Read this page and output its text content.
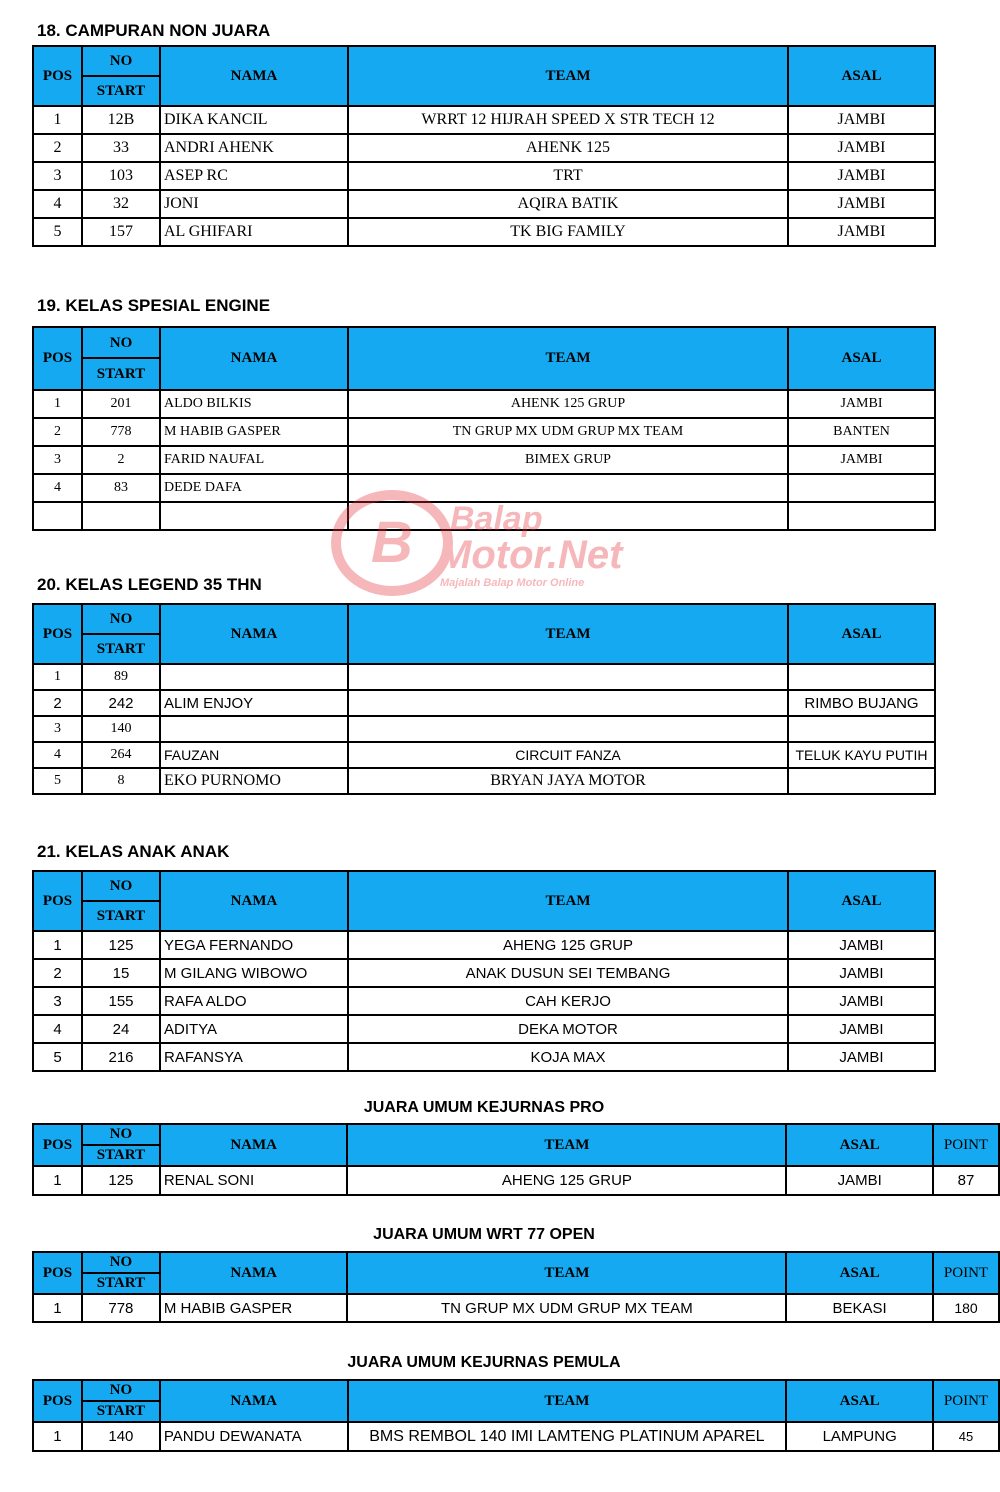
18. CAMPURAN NON JUARA
POS	NO	NAMA	TEAM	ASAL
	START			
1	12B	DIKA KANCIL	WRRT 12 HIJRAH SPEED X STR TECH 12	JAMBI
2	33	ANDRI AHENK	AHENK 125	JAMBI
3	103	ASEP RC	TRT	JAMBI
4	32	JONI	AQIRA BATIK	JAMBI
5	157	AL GHIFARI	TK BIG FAMILY	JAMBI
19. KELAS SPESIAL ENGINE
POS	NO	NAMA	TEAM	ASAL
	START			
1	201	ALDO BILKIS	AHENK 125 GRUP	JAMBI
2	778	M HABIB GASPER	TN GRUP MX UDM GRUP MX TEAM	BANTEN
3	2	FARID NAUFAL	BIMEX GRUP	JAMBI
4	83	DEDE DAFA		

B Balap
Motor.Net
Majalah Balap Motor Online
20. KELAS LEGEND 35 THN
POS	NO	NAMA	TEAM	ASAL
	START			
1	89			
2	242	ALIM ENJOY		RIMBO BUJANG
3	140			
4	264	FAUZAN	CIRCUIT FANZA	TELUK KAYU PUTIH
5	8	EKO PURNOMO	BRYAN JAYA MOTOR	
21. KELAS ANAK ANAK
POS	NO	NAMA	TEAM	ASAL
	START			
1	125	YEGA FERNANDO	AHENG 125 GRUP	JAMBI
2	15	M GILANG WIBOWO	ANAK DUSUN SEI TEMBANG	JAMBI
3	155	RAFA ALDO	CAH KERJO	JAMBI
4	24	ADITYA	DEKA MOTOR	JAMBI
5	216	RAFANSYA	KOJA MAX	JAMBI
JUARA UMUM KEJURNAS PRO
POS	NO	NAMA	TEAM	ASAL	POINT
	START				
1	125	RENAL SONI	AHENG 125 GRUP	JAMBI	87
JUARA UMUM WRT 77 OPEN
POS	NO	NAMA	TEAM	ASAL	POINT
	START				
1	778	M HABIB GASPER	TN GRUP MX UDM GRUP MX TEAM	BEKASI	180
JUARA UMUM KEJURNAS PEMULA
POS	NO	NAMA	TEAM	ASAL	POINT
	START				
1	140	PANDU DEWANATA	BMS REMBOL 140 IMI LAMTENG PLATINUM APAREL	LAMPUNG	45
